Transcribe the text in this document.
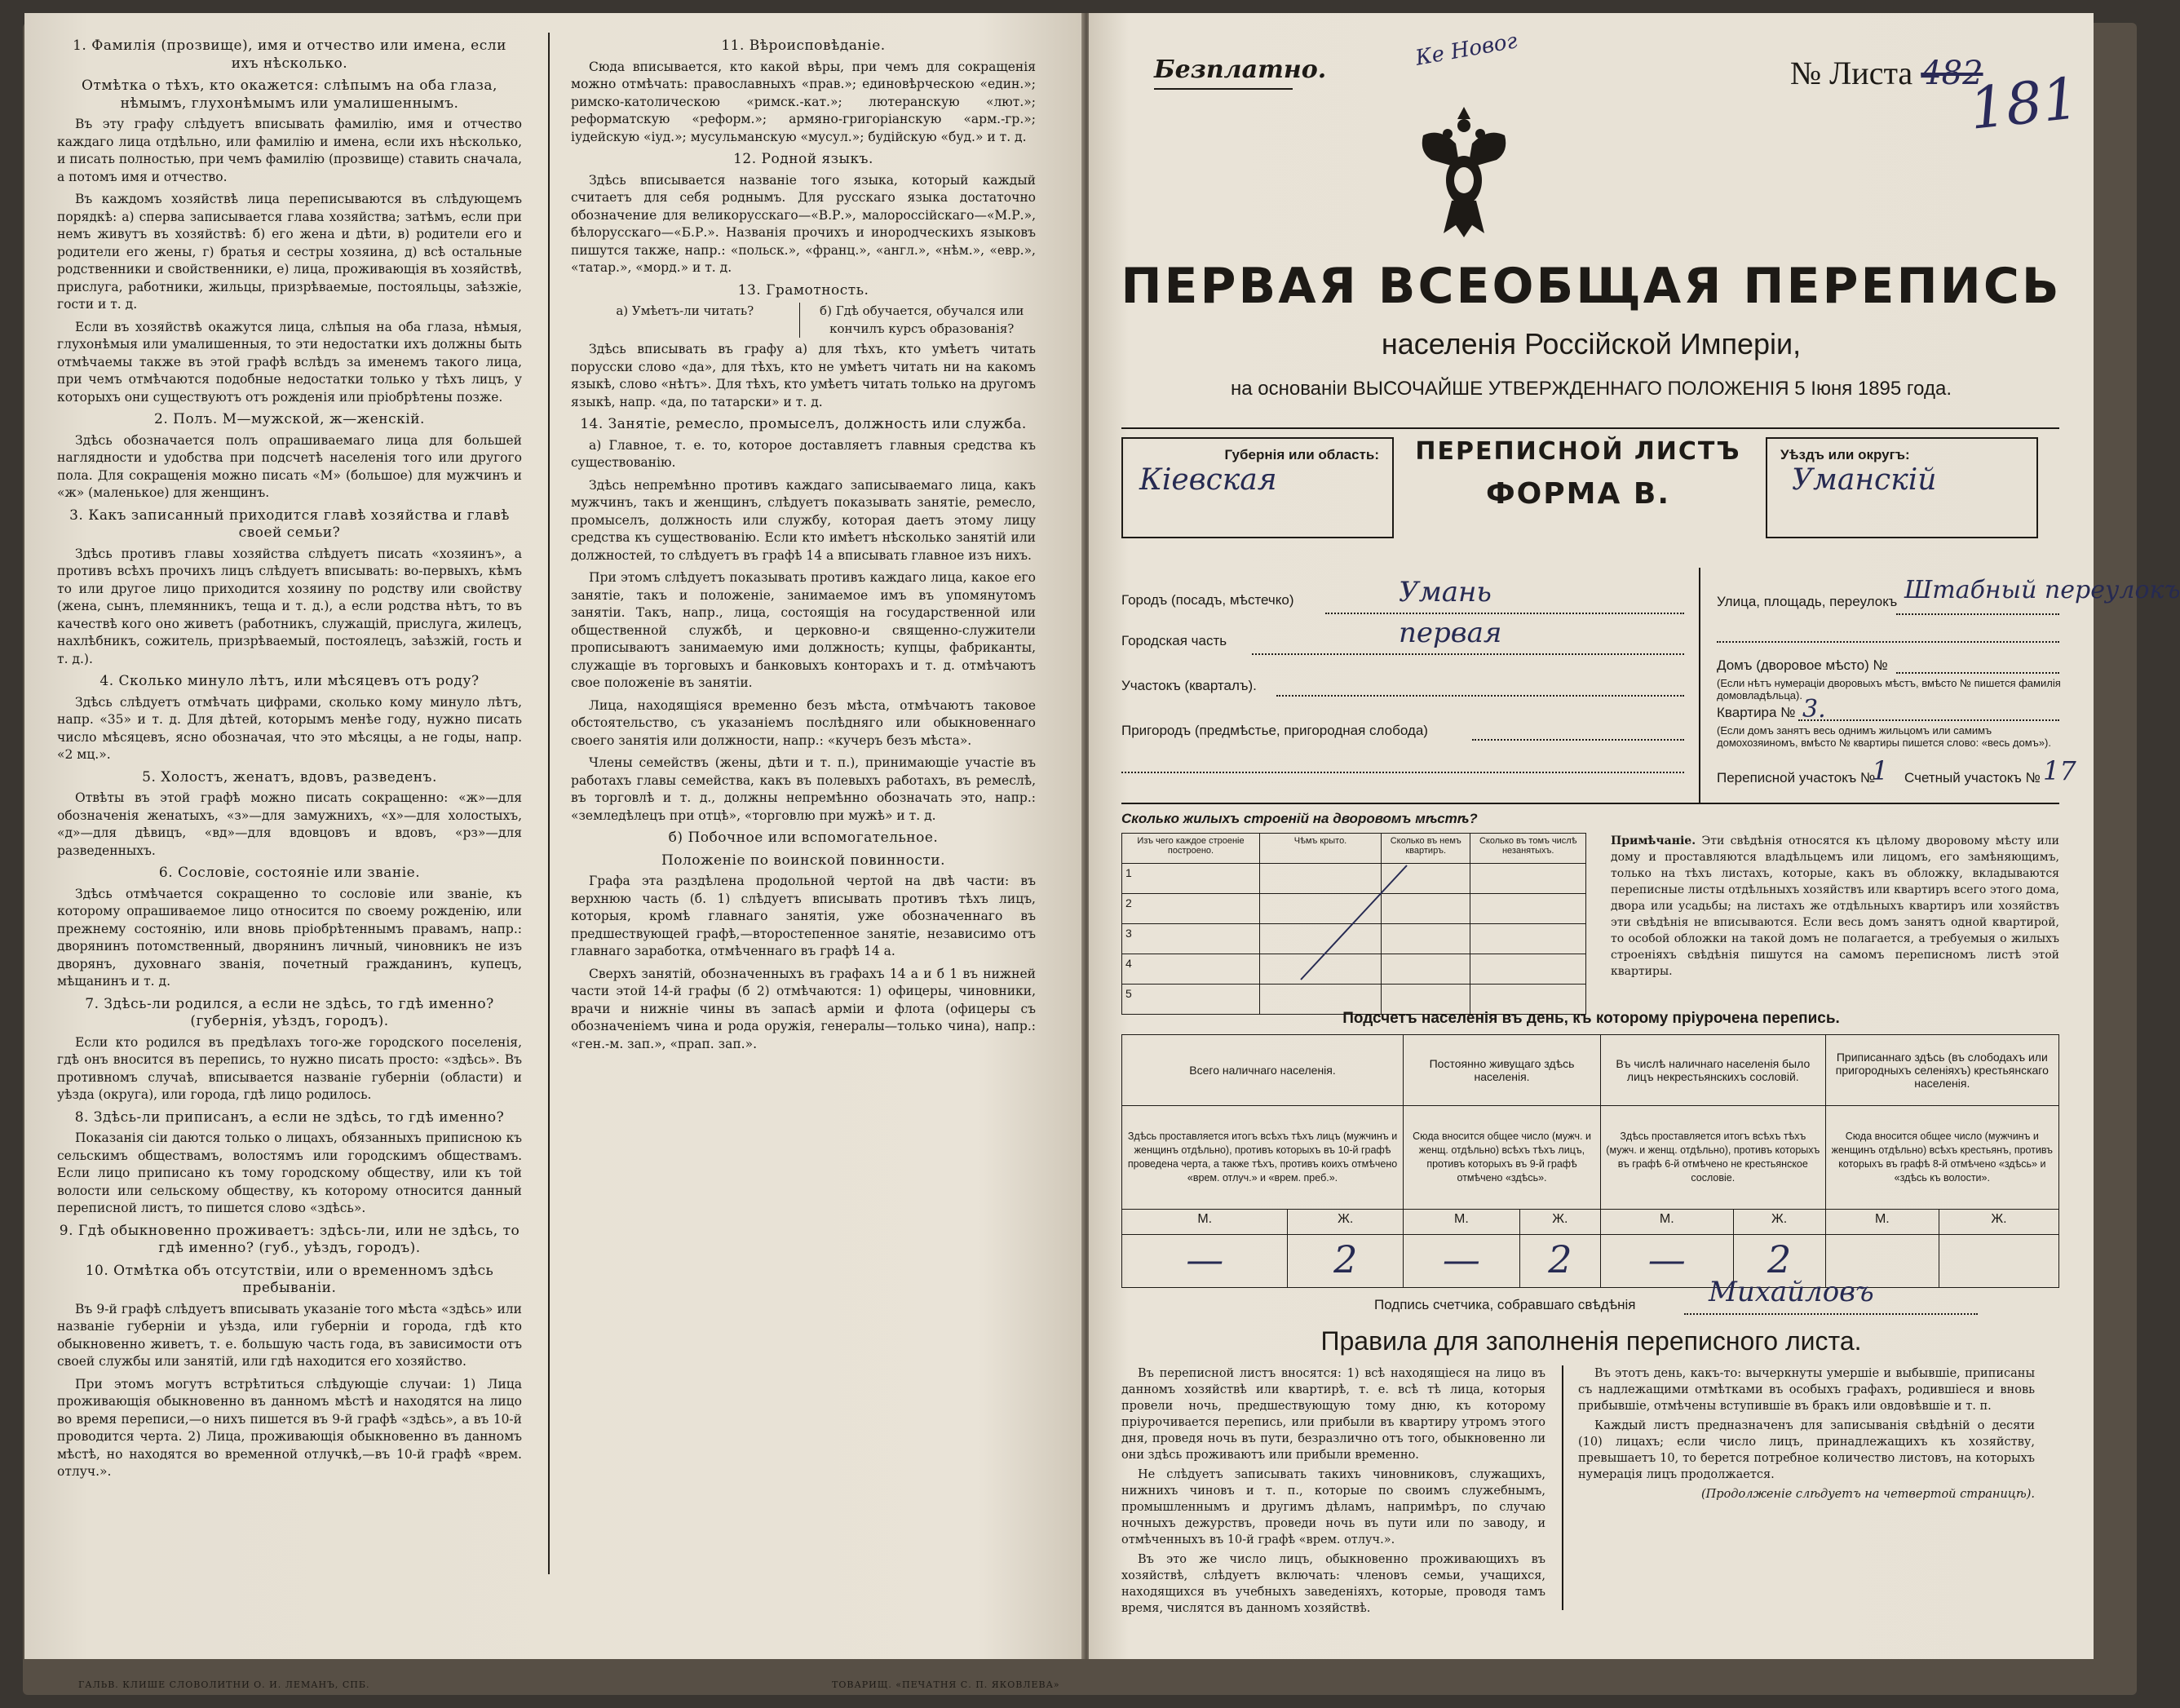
1. Фамилія (прозвище), имя и отчество или имена, если ихъ нѣсколько.
Отмѣтка о тѣхъ, кто окажется: слѣпымъ на оба глаза, нѣмымъ, глухонѣмымъ или умалишеннымъ.

Въ эту графу слѣдуетъ вписывать фамилію, имя и отчество каждаго лица отдѣльно, или фамилію и имена, если ихъ нѣсколько, и писать полностью, при чемъ фамилію (прозвище) ставить сначала, а потомъ имя и отчество.

Въ каждомъ хозяйствѣ лица переписываются въ слѣдующемъ порядкѣ: а) сперва записывается глава хозяйства; затѣмъ, если при немъ живутъ въ хозяйствѣ: б) его жена и дѣти, в) родители его и родители его жены, г) братья и сестры хозяина, д) всѣ остальные родственники и свойственники, е) лица, проживающія въ хозяйствѣ, прислуга, работники, жильцы, призрѣваемые, постояльцы, заѣзжіе, гости и т. д.

Если въ хозяйствѣ окажутся лица, слѣпыя на оба глаза, нѣмыя, глухонѣмыя или умалишенныя, то эти недостатки ихъ должны быть отмѣчаемы также въ этой графѣ вслѣдъ за именемъ такого лица, при чемъ отмѣчаются подобные недостатки только у тѣхъ лицъ, у которыхъ они существуютъ отъ рожденія или пріобрѣтены позже.

2. Полъ. М—мужской, ж—женскій.

Здѣсь обозначается полъ опрашиваемаго лица для большей наглядности и удобства при подсчетѣ населенія того или другого пола. Для сокращенія можно писать «М» (большое) для мужчинъ и «ж» (маленькое) для женщинъ.

3. Какъ записанный приходится главѣ хозяйства и главѣ своей семьи?

Здѣсь противъ главы хозяйства слѣдуетъ писать «хозяинъ», а противъ всѣхъ прочихъ лицъ слѣдуетъ вписывать: во-первыхъ, кѣмъ то или другое лицо приходится хозяину по родству или свойству (жена, сынъ, племянникъ, теща и т. д.), а если родства нѣтъ, то въ качествѣ кого оно живетъ (работникъ, служащій, прислуга, жилецъ, нахлѣбникъ, сожитель, призрѣваемый, постоялецъ, заѣзжій, гость и т. д.).

4. Сколько минуло лѣтъ, или мѣсяцевъ отъ роду?

Здѣсь слѣдуетъ отмѣчать цифрами, сколько кому минуло лѣтъ, напр. «35» и т. д. Для дѣтей, которымъ менѣе году, нужно писать число мѣсяцевъ, ясно обозначая, что это мѣсяцы, а не годы, напр. «2 мц.».

5. Холостъ, женатъ, вдовъ, разведенъ.

Отвѣты въ этой графѣ можно писать сокращенно: «ж»—для обозначенія женатыхъ, «з»—для замужнихъ, «х»—для холостыхъ, «д»—для дѣвицъ, «вд»—для вдовцовъ и вдовъ, «рз»—для разведенныхъ.

6. Сословіе, состояніе или званіе.

Здѣсь отмѣчается сокращенно то сословіе или званіе, къ которому опрашиваемое лицо относится по своему рожденію, или прежнему состоянію, или вновь пріобрѣтеннымъ правамъ, напр.: дворянинъ потомственный, дворянинъ личный, чиновникъ не изъ дворянъ, духовнаго званія, почетный гражданинъ, купецъ, мѣщанинъ и т. д.

7. Здѣсь-ли родился, а если не здѣсь, то гдѣ именно? (губернія, уѣздъ, городъ).

Если кто родился въ предѣлахъ того-же городского поселенія, гдѣ онъ вносится въ перепись, то нужно писать просто: «здѣсь». Въ противномъ случаѣ, вписывается названіе губерніи (области) и уѣзда (округа), или города, гдѣ лицо родилось.

8. Здѣсь-ли приписанъ, а если не здѣсь, то гдѣ именно?

Показанія сіи даются только о лицахъ, обязанныхъ приписною къ сельскимъ обществамъ, волостямъ или городскимъ обществамъ. Если лицо приписано къ тому городскому обществу, или къ той волости или сельскому обществу, къ которому относится данный переписной листъ, то пишется слово «здѣсь».

9. Гдѣ обыкновенно проживаетъ: здѣсь-ли, или не здѣсь, то гдѣ именно? (губ., уѣздъ, городъ).
10. Отмѣтка объ отсутствіи, или о временномъ здѣсь пребываніи.

Въ 9-й графѣ слѣдуетъ вписывать указаніе того мѣста «здѣсь» или названіе губерніи и уѣзда, или губерніи и города, гдѣ кто обыкновенно живетъ, т. е. большую часть года, въ зависимости отъ своей службы или занятій, или гдѣ находится его хозяйство.

При этомъ могутъ встрѣтиться слѣдующіе случаи: 1) Лица проживающія обыкновенно въ данномъ мѣстѣ и находятся на лицо во время переписи,—о нихъ пишется въ 9-й графѣ «здѣсь», а въ 10-й проводится черта. 2) Лица, проживающія обыкновенно въ данномъ мѣстѣ, но находятся во временной отлучкѣ,—въ 10-й графѣ «врем. отлуч.».

ГАЛЬВ. КЛИШЕ СЛОВОЛИТНИ О. И. ЛЕМАНЪ, СПБ.
11. Вѣроисповѣданіе.

Сюда вписывается, кто какой вѣры, при чемъ для сокращенія можно отмѣчать: православныхъ «прав.»; единовѣрческою «един.»; римско-католическою «римск.-кат.»; лютеранскую «лют.»; реформатскую «реформ.»; армяно-григоріанскую «арм.-гр.»; іудейскую «іуд.»; мусульманскую «мусул.»; будійскую «буд.» и т. д.

12. Родной языкъ.

Здѣсь вписывается названіе того языка, который каждый считаетъ для себя роднымъ. Для русскаго языка достаточно обозначение для великорусскаго—«В.Р.», малороссійскаго—«М.Р.», бѣлорусскаго—«Б.Р.». Названія прочихъ и инородческихъ языковъ пишутся также, напр.: «польск.», «франц.», «англ.», «нѣм.», «евр.», «татар.», «морд.» и т. д.

13. Грамотность.
а) Умѣетъ-ли читать?	б) Гдѣ обучается, обучался или кончилъ курсъ образованія?

Здѣсь вписывать въ графу а) для тѣхъ, кто умѣетъ читать порусски слово «да», для тѣхъ, кто не умѣетъ читать ни на какомъ языкѣ, слово «нѣтъ». Для тѣхъ, кто умѣетъ читать только на другомъ языкѣ, напр. «да, по татарски» и т. д.

14. Занятіе, ремесло, промыселъ, должность или служба.

а) Главное, т. е. то, которое доставляетъ главныя средства къ существованію.

Здѣсь непремѣнно противъ каждаго записываемаго лица, какъ мужчинъ, такъ и женщинъ, слѣдуетъ показывать занятіе, ремесло, промыселъ, должность или службу, которая даетъ этому лицу средства къ существованію. Если кто имѣетъ нѣсколько занятій или должностей, то слѣдуетъ въ графѣ 14 а вписывать главное изъ нихъ.

При этомъ слѣдуетъ показывать противъ каждаго лица, какое его занятіе, такъ и положеніе, занимаемое имъ въ упомянутомъ занятіи. Такъ, напр., лица, состоящія на государственной или общественной службѣ, и церковно-и священно-служители прописываютъ занимаемую ими должность; купцы, фабриканты, служащіе въ торговыхъ и банковыхъ конторахъ и т. д. отмѣчаютъ свое положеніе въ занятіи.

Лица, находящіяся временно безъ мѣста, отмѣчаютъ таковое обстоятельство, съ указаніемъ послѣдняго или обыкновеннаго своего занятія или должности, напр.: «кучеръ безъ мѣста».

Члены семействъ (жены, дѣти и т. п.), принимающіе участіе въ работахъ главы семейства, какъ въ полевыхъ работахъ, въ ремеслѣ, въ торговлѣ и т. д., должны непремѣнно обозначать это, напр.: «земледѣлецъ при отцѣ», «торговлю при мужѣ» и т. д.

б) Побочное или вспомогательное.
Положеніе по воинской повинности.

Графа эта раздѣлена продольной чертой на двѣ части: въ верхнюю часть (б. 1) слѣдуетъ вписывать противъ тѣхъ лицъ, которыя, кромѣ главнаго занятія, уже обозначеннаго въ предшествующей графѣ,—второстепенное занятіе, независимо отъ главнаго заработка, отмѣченнаго въ графѣ 14 а.

Сверхъ занятій, обозначенныхъ въ графахъ 14 а и б 1 въ нижней части этой 14-й графы (б 2) отмѣчаются: 1) офицеры, чиновники, врачи и нижніе чины въ запасѣ арміи и флота (офицеры съ обозначеніемъ чина и рода оружія, генералы—только чина), напр.: «ген.-м. зап.», «прап. зап.».

ТОВАРИЩ. «ПЕЧАТНЯ С. П. ЯКОВЛЕВА»
Безплатно.	Ке Новог
№ Листа 482
181
ПЕРВАЯ ВСЕОБЩАЯ ПЕРЕПИСЬ
населенія Россійской Имперіи,
на основаніи ВЫСОЧАЙШЕ УТВЕРЖДЕННАГО ПОЛОЖЕНІЯ 5 Іюня 1895 года.
Губернія или область:
Кіевская
ПЕРЕПИСНОЙ ЛИСТЪ
ФОРМА В.
Уѣздъ или округъ:
Уманскій
Городъ (посадъ, мѣстечко)	Умань
Городская часть	первая
Участокъ (кварталъ).
Пригородъ (предмѣстье, пригородная слобода)
Улица, площадь, переулокъ Штабный переулокъ
Домъ (дворовое мѣсто) №
(Если нѣтъ нумераціи дворовыхъ мѣстъ, вмѣсто № пишется фамилія домовладѣльца).
Квартира № 3.
(Если домъ занятъ весь однимъ жильцомъ или самимъ домохозяиномъ, вмѣсто № квартиры пишется слово: «весь домъ»).
Переписной участокъ №
1 Счетный участокъ № 17
Сколько жилыхъ строеній на дворовомъ мѣстѣ?
Изъ чего каждое строеніе построено.	Чѣмъ крыто.	Сколько въ немъ квартиръ.	Сколько въ томъ числѣ незанятыхъ.
1			
2			
3			
4			
5			
Примѣчаніе. Эти свѣдѣнія относятся къ цѣлому дворовому мѣсту или дому и проставляются владѣльцемъ или лицомъ, его замѣняющимъ, только на тѣхъ листахъ, которые, какъ въ обложку, вкладываются переписные листы отдѣльныхъ хозяйствъ или квартиръ всего этого дома, двора или усадьбы; на листахъ же отдѣльныхъ квартиръ или хозяйствъ эти свѣдѣнія не вписываются. Если весь домъ занятъ одной квартирой, то особой обложки на такой домъ не полагается, а требуемыя о жилыхъ строеніяхъ свѣдѣнія пишутся на самомъ переписномъ листѣ этой квартиры.
Подсчетъ населенія въ день, къ которому пріурочена перепись.
Всего наличнаго населенія.		Постоянно живущаго здѣсь населенія.		Въ числѣ наличнаго населенія было лицъ некрестьянскихъ сословій.		Приписаннаго здѣсь (въ слободахъ или пригородныхъ селеніяхъ) крестьянскаго населенія.	
Здѣсь проставляется итогъ всѣхъ тѣхъ лицъ (мужчинъ и женщинъ отдѣльно), противъ которыхъ въ 10-й графѣ проведена черта, а также тѣхъ, противъ коихъ отмѣчено «врем. отлуч.» и «врем. преб.».		Сюда вносится общее число (мужч. и женщ. отдѣльно) всѣхъ тѣхъ лицъ, противъ которыхъ въ 9-й графѣ отмѣчено «здѣсь».		Здѣсь проставляется итогъ всѣхъ тѣхъ (мужч. и женщ. отдѣльно), противъ которыхъ въ графѣ 6-й отмѣчено не крестьянское сословіе.		Сюда вносится общее число (мужчинъ и женщинъ отдѣльно) всѣхъ крестьянъ, противъ которыхъ въ графѣ 8-й отмѣчено «здѣсь» и «здѣсь къ волости».	
М.	Ж.	М.	Ж.	М.	Ж.	М.	Ж.
—	2	—	2	—	2		
Подпись счетчика, собравшаго свѣдѣнія	Михайловъ
Правила для заполненія переписного листа.

Въ переписной листъ вносятся: 1) всѣ находящіеся на лицо въ данномъ хозяйствѣ или квартирѣ, т. е. всѣ тѣ лица, которыя провели ночь, предшествующую тому дню, къ которому пріурочивается перепись, или прибыли въ квартиру утромъ этого дня, проведя ночь въ пути, безразлично отъ того, обыкновенно ли они здѣсь проживаютъ или прибыли временно.

Не слѣдуетъ записывать такихъ чиновниковъ, служащихъ, нижнихъ чиновъ и т. п., которые по своимъ служебнымъ, промышленнымъ и другимъ дѣламъ, напримѣръ, по случаю ночныхъ дежурствъ, проведи ночь въ пути или по заводу, и отмѣченныхъ въ 10-й графѣ «врем. отлуч.».

Въ это же число лицъ, обыкновенно проживающихъ въ хозяйствѣ, слѣдуетъ включать: членовъ семьи, учащихся, находящихся въ учебныхъ заведеніяхъ, которые, проводя тамъ время, числятся въ данномъ хозяйствѣ.

Въ этотъ день, какъ-то: вычеркнуты умершіе и выбывшіе, приписаны съ надлежащими отмѣтками въ особыхъ графахъ, родившіеся и вновь прибывшіе, отмѣчены вступившіе въ бракъ или овдовѣвшіе и т. п.

Каждый листъ предназначенъ для записыванія свѣдѣній о десяти (10) лицахъ; если число лицъ, принадлежащихъ къ хозяйству, превышаетъ 10, то берется потребное количество листовъ, на которыхъ нумерація лицъ продолжается.

(Продолженіе слѣдуетъ на четвертой страницѣ).
